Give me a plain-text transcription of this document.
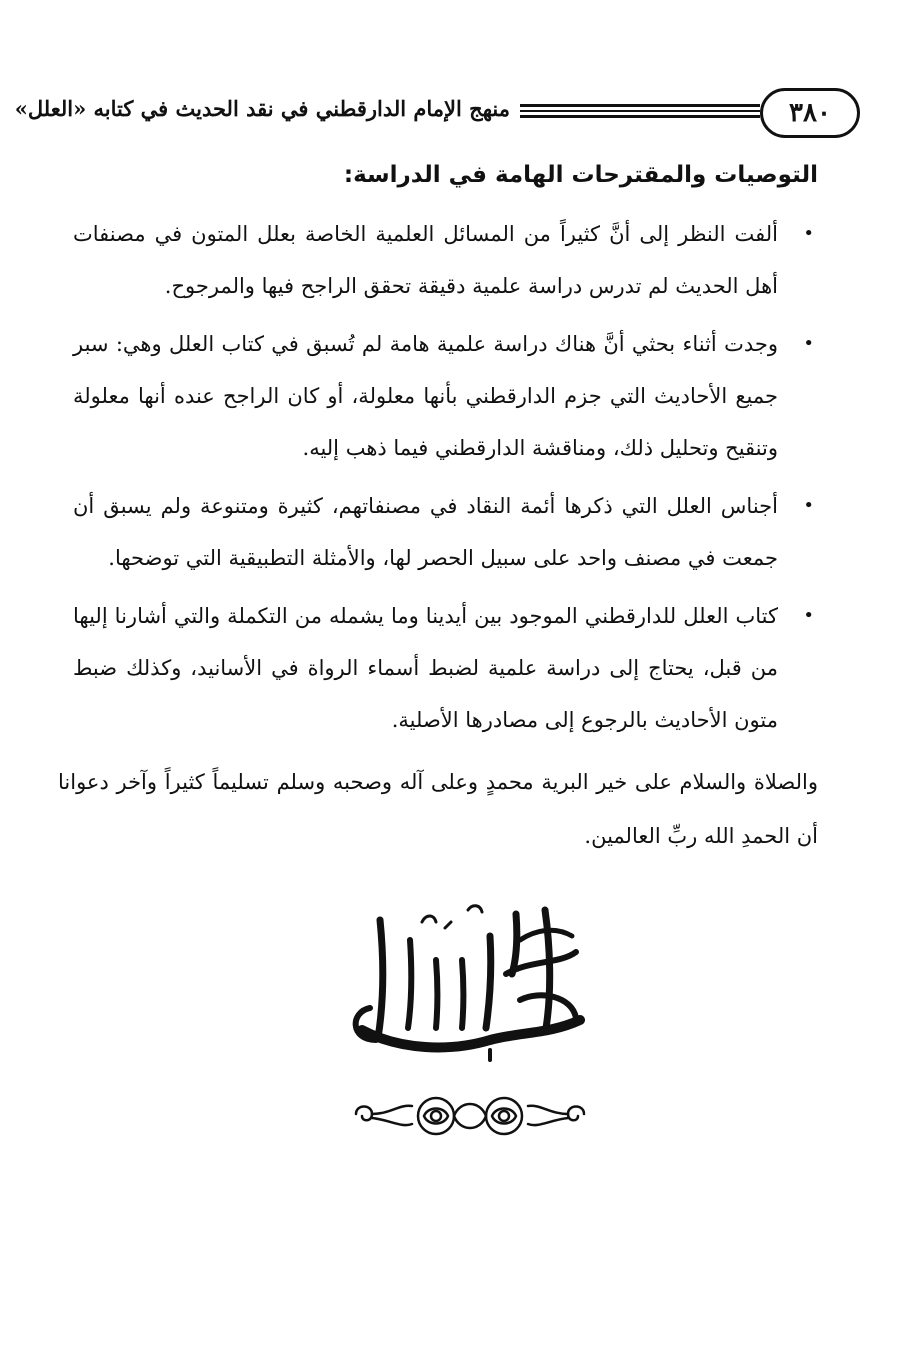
٣٨٠
منهج الإمام الدارقطني في نقد الحديث في كتابه «العلل»
التوصيات والمقترحات الهامة في الدراسة:
•
ألفت النظر إلى أنَّ كثيراً من المسائل العلمية الخاصة بعلل المتون في مصنفات أهل الحديث لم تدرس دراسة علمية دقيقة تحقق الراجح فيها والمرجوح.
•
وجدت أثناء بحثي أنَّ هناك دراسة علمية هامة لم تُسبق في كتاب العلل وهي: سبر جميع الأحاديث التي جزم الدارقطني بأنها معلولة، أو كان الراجح عنده أنها معلولة وتنقيح وتحليل ذلك، ومناقشة الدارقطني فيما ذهب إليه.
•
أجناس العلل التي ذكرها أئمة النقاد في مصنفاتهم، كثيرة ومتنوعة ولم يسبق أن جمعت في مصنف واحد على سبيل الحصر لها، والأمثلة التطبيقية التي توضحها.
•
كتاب العلل للدارقطني الموجود بين أيدينا وما يشمله من التكملة والتي أشارنا إليها من قبل، يحتاج إلى دراسة علمية لضبط أسماء الرواة في الأسانيد، وكذلك ضبط متون الأحاديث بالرجوع إلى مصادرها الأصلية.

والصلاة والسلام على خير البرية محمدٍ وعلى آله وصحبه وسلم تسليماً كثيراً وآخر دعوانا أن الحمدِ الله ربِّ العالمين.
